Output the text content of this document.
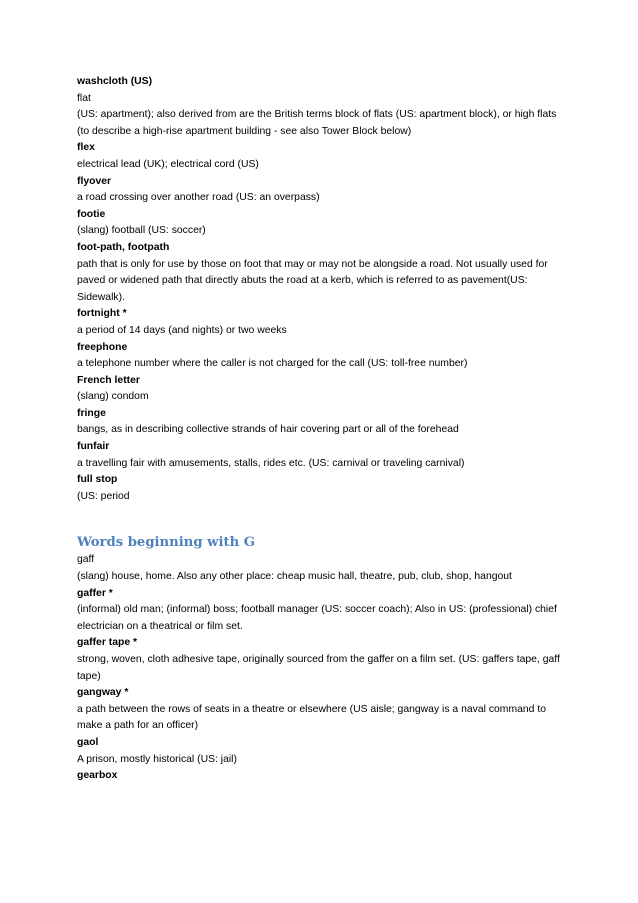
washcloth (US)
flat
(US: apartment); also derived from are the British terms block of flats (US: apartment block), or high flats (to describe a high-rise apartment building - see also Tower Block below)
flex
electrical lead (UK); electrical cord (US)
flyover
a road crossing over another road (US: an overpass)
footie
(slang) football (US: soccer)
foot-path, footpath
path that is only for use by those on foot that may or may not be alongside a road. Not usually used for paved or widened path that directly abuts the road at a kerb, which is referred to as pavement(US: Sidewalk).
fortnight *
a period of 14 days (and nights) or two weeks
freephone
a telephone number where the caller is not charged for the call (US: toll-free number)
French letter
(slang) condom
fringe
bangs, as in describing collective strands of hair covering part or all of the forehead
funfair
a travelling fair with amusements, stalls, rides etc. (US: carnival or traveling carnival)
full stop
(US: period
Words beginning with G
gaff
(slang) house, home. Also any other place: cheap music hall, theatre, pub, club, shop, hangout
gaffer *
(informal) old man; (informal) boss; football manager (US: soccer coach); Also in US: (professional) chief electrician on a theatrical or film set.
gaffer tape *
strong, woven, cloth adhesive tape, originally sourced from the gaffer on a film set. (US: gaffers tape, gaff tape)
gangway *
a path between the rows of seats in a theatre or elsewhere (US aisle; gangway is a naval command to make a path for an officer)
gaol
A prison, mostly historical (US: jail)
gearbox
